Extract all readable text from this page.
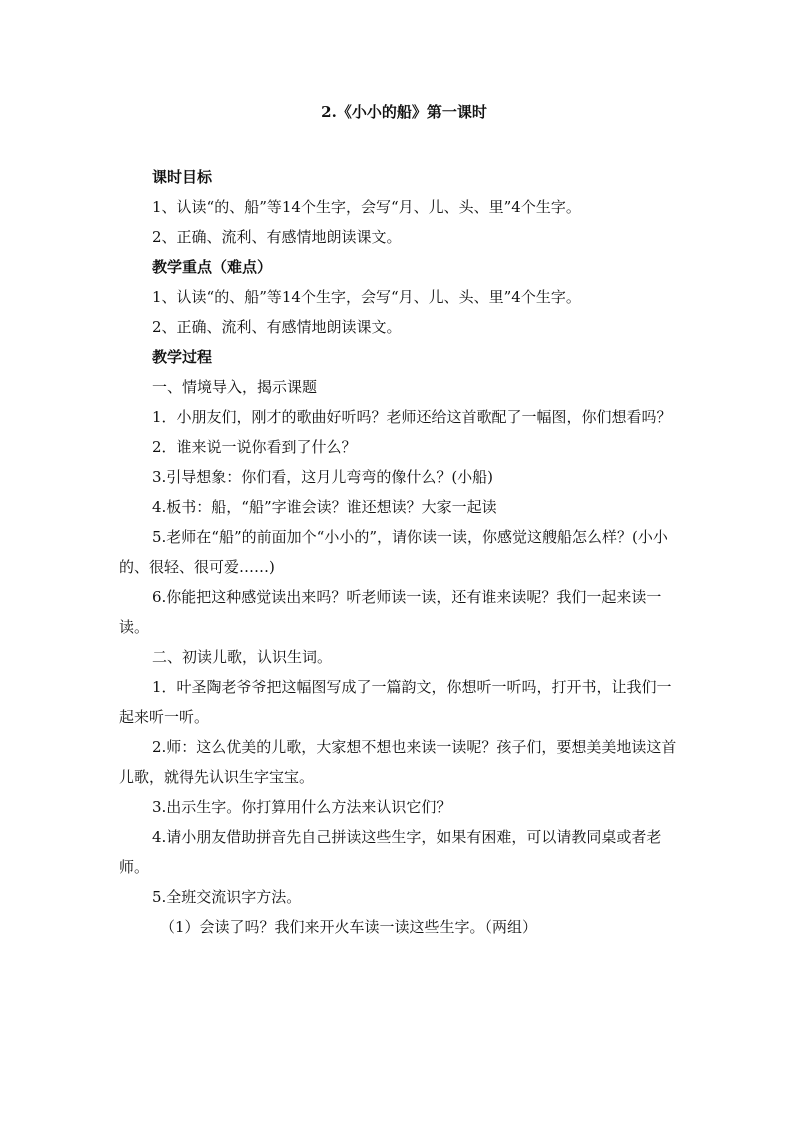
2.《小小的船》第一课时

课时目标

1、认读“的、船”等14个生字，会写“月、儿、头、里”4个生字。

2、正确、流利、有感情地朗读课文。

教学重点（难点）

1、认读“的、船”等14个生字，会写“月、儿、头、里”4个生字。

2、正确、流利、有感情地朗读课文。

教学过程

一、情境导入，揭示课题

1．小朋友们，刚才的歌曲好听吗？老师还给这首歌配了一幅图，你们想看吗？

2．谁来说一说你看到了什么？

3.引导想象：你们看，这月儿弯弯的像什么？(小船)

4.板书：船，“船”字谁会读？谁还想读？大家一起读

5.老师在“船”的前面加个“小小的”，请你读一读，你感觉这艘船怎么样？(小小的、很轻、很可爱……)

6.你能把这种感觉读出来吗？听老师读一读，还有谁来读呢？我们一起来读一读。

二、初读儿歌，认识生词。

1．叶圣陶老爷爷把这幅图写成了一篇韵文，你想听一听吗，打开书，让我们一起来听一听。

2.师：这么优美的儿歌，大家想不想也来读一读呢？孩子们，要想美美地读这首儿歌，就得先认识生字宝宝。

3.出示生字。你打算用什么方法来认识它们？

4.请小朋友借助拼音先自己拼读这些生字，如果有困难，可以请教同桌或者老师。

5.全班交流识字方法。

（1）会读了吗？我们来开火车读一读这些生字。（两组）
